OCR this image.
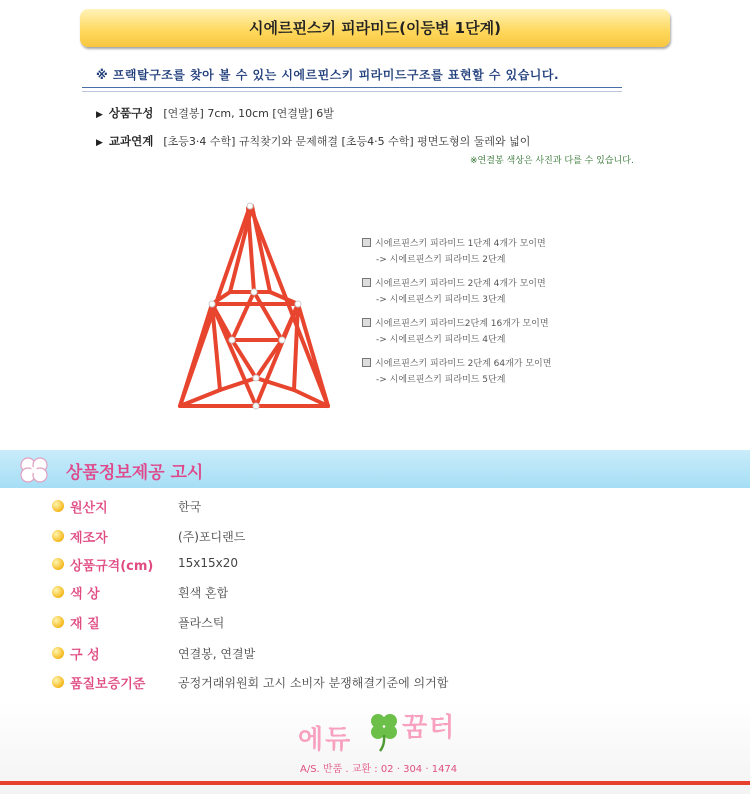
시에르핀스키 피라미드(이등변 1단계)
※ 프랙탈구조를 찾아 볼 수 있는 시에르핀스키 피라미드구조를 표현할 수 있습니다.
▶ 상품구성 [연결봉] 7cm, 10cm [연결발] 6발
▶ 교과연계 [초등3·4 수학] 규칙찾기와 문제해결 [초등4·5 수학] 평면도형의 둘레와 넓이
※연결봉 색상은 사진과 다를 수 있습니다.
시에르핀스키 피라미드 1단계 4개가 모이면
-> 시에르핀스키 피라미드 2단계
시에르핀스키 피라미드 2단계 4개가 모이면
-> 시에르핀스키 피라미드 3단계
시에르핀스키 피라미드2단계 16개가 모이면
-> 시에르핀스키 피라미드 4단계
시에르핀스키 피라미드 2단계 64개가 모이면
-> 시에르핀스키 피라미드 5단계
상품정보제공 고시
원산지	한국
제조자	(주)포디랜드
상품규격(cm) 15x15x20
색 상	흰색 혼합
재 질	플라스틱
구 성	연결봉, 연결발
품질보증기준	공정거래위원회 고시 소비자 분쟁해결기준에 의거함
에듀 꿈터
A/S. 반품 . 교환 : 02 · 304 · 1474
